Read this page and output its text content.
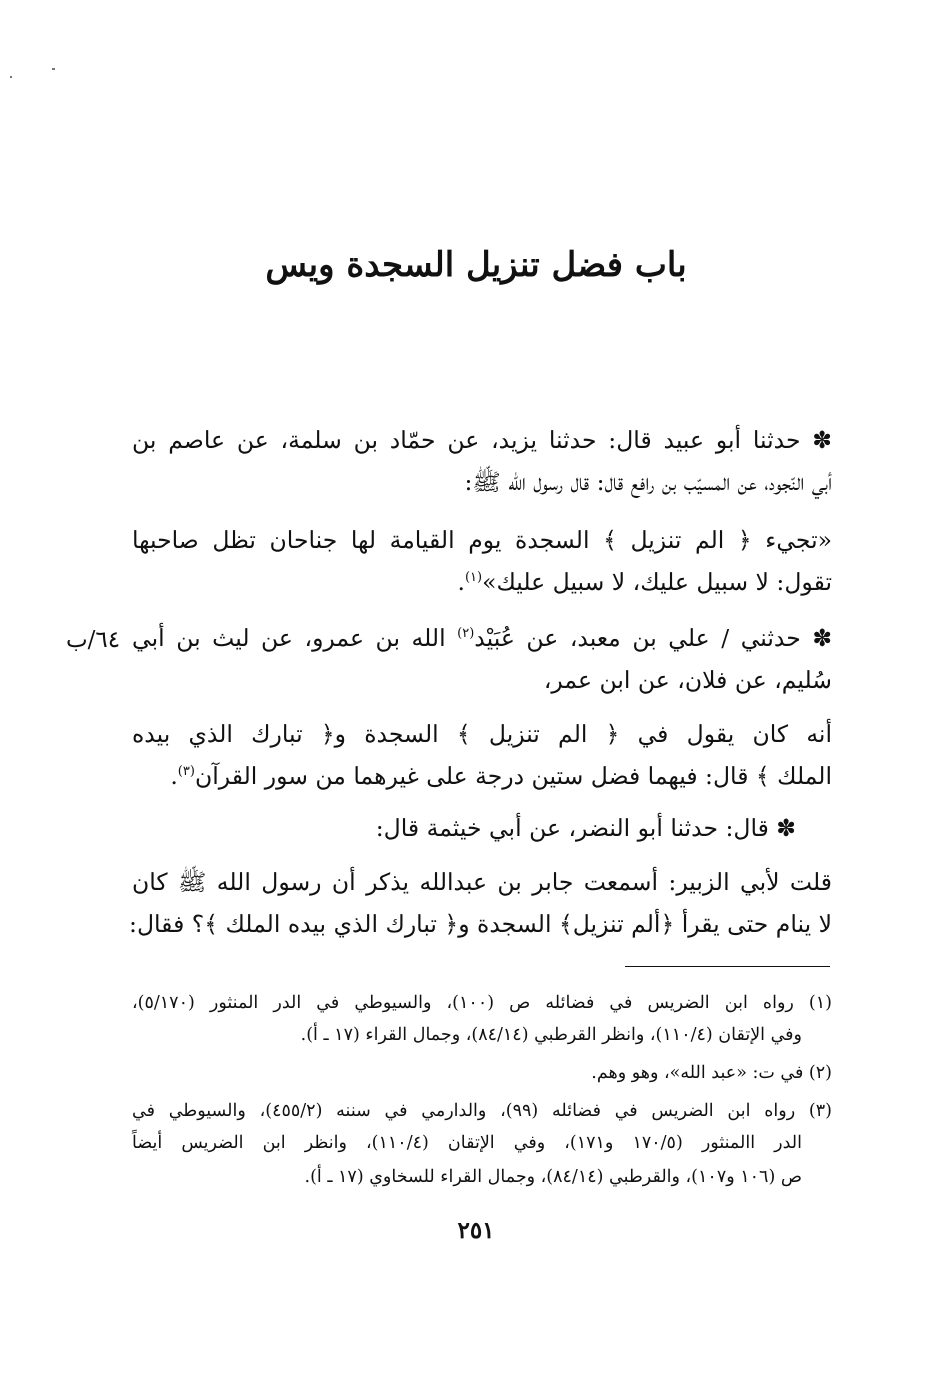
باب فضل تنزيل السجدة ويس
٦٤/ب
✽ حدثنا أبو عبيد قال: حدثنا يزيد، عن حمّاد بن سلمة، عن عاصم بن
أبي النّجود، عن المسيّب بن رافع قال: قال رسول الله ﷺ:
«تجيء ﴿ الم تنزيل ﴾ السجدة يوم القيامة لها جناحان تظل صاحبها
تقول: لا سبيل عليك، لا سبيل عليك»$^{(١)}$.
✽ حدثني / علي بن معبد، عن عُبَيْد$^{(٢)}$ الله بن عمرو، عن ليث بن أبي
سُليم، عن فلان، عن ابن عمر،
أنه كان يقول في ﴿ الم تنزيل ﴾ السجدة و﴿ تبارك الذي بيده
الملك ﴾ قال: فيهما فضل ستين درجة على غيرهما من سور القرآن$^{(٣)}$.
✽ قال: حدثنا أبو النضر، عن أبي خيثمة قال:
قلت لأبي الزبير: أسمعت جابر بن عبدالله يذكر أن رسول الله ﷺ كان
لا ينام حتى يقرأ ﴿ألم تنزيل﴾ السجدة و﴿ تبارك الذي بيده الملك ﴾؟ فقال:
(١) رواه ابن الضريس في فضائله ص (١٠٠)، والسيوطي في الدر المنثور (٥/١٧٠)،
وفي الإتقان (١١٠/٤)، وانظر القرطبي (٨٤/١٤)، وجمال القراء (١٧ ـ أ).
(٢) في ت: «عبد الله»، وهو وهم.
(٣) رواه ابن الضريس في فضائله (٩٩)، والدارمي في سننه (٤٥٥/٢)، والسيوطي في
الدر االمنثور (١٧٠/٥ و١٧١)، وفي الإتقان (١١٠/٤)، وانظر ابن الضريس أيضاً
ص (١٠٦ و١٠٧)، والقرطبي (٨٤/١٤)، وجمال القراء للسخاوي (١٧ ـ أ).
٢٥١
